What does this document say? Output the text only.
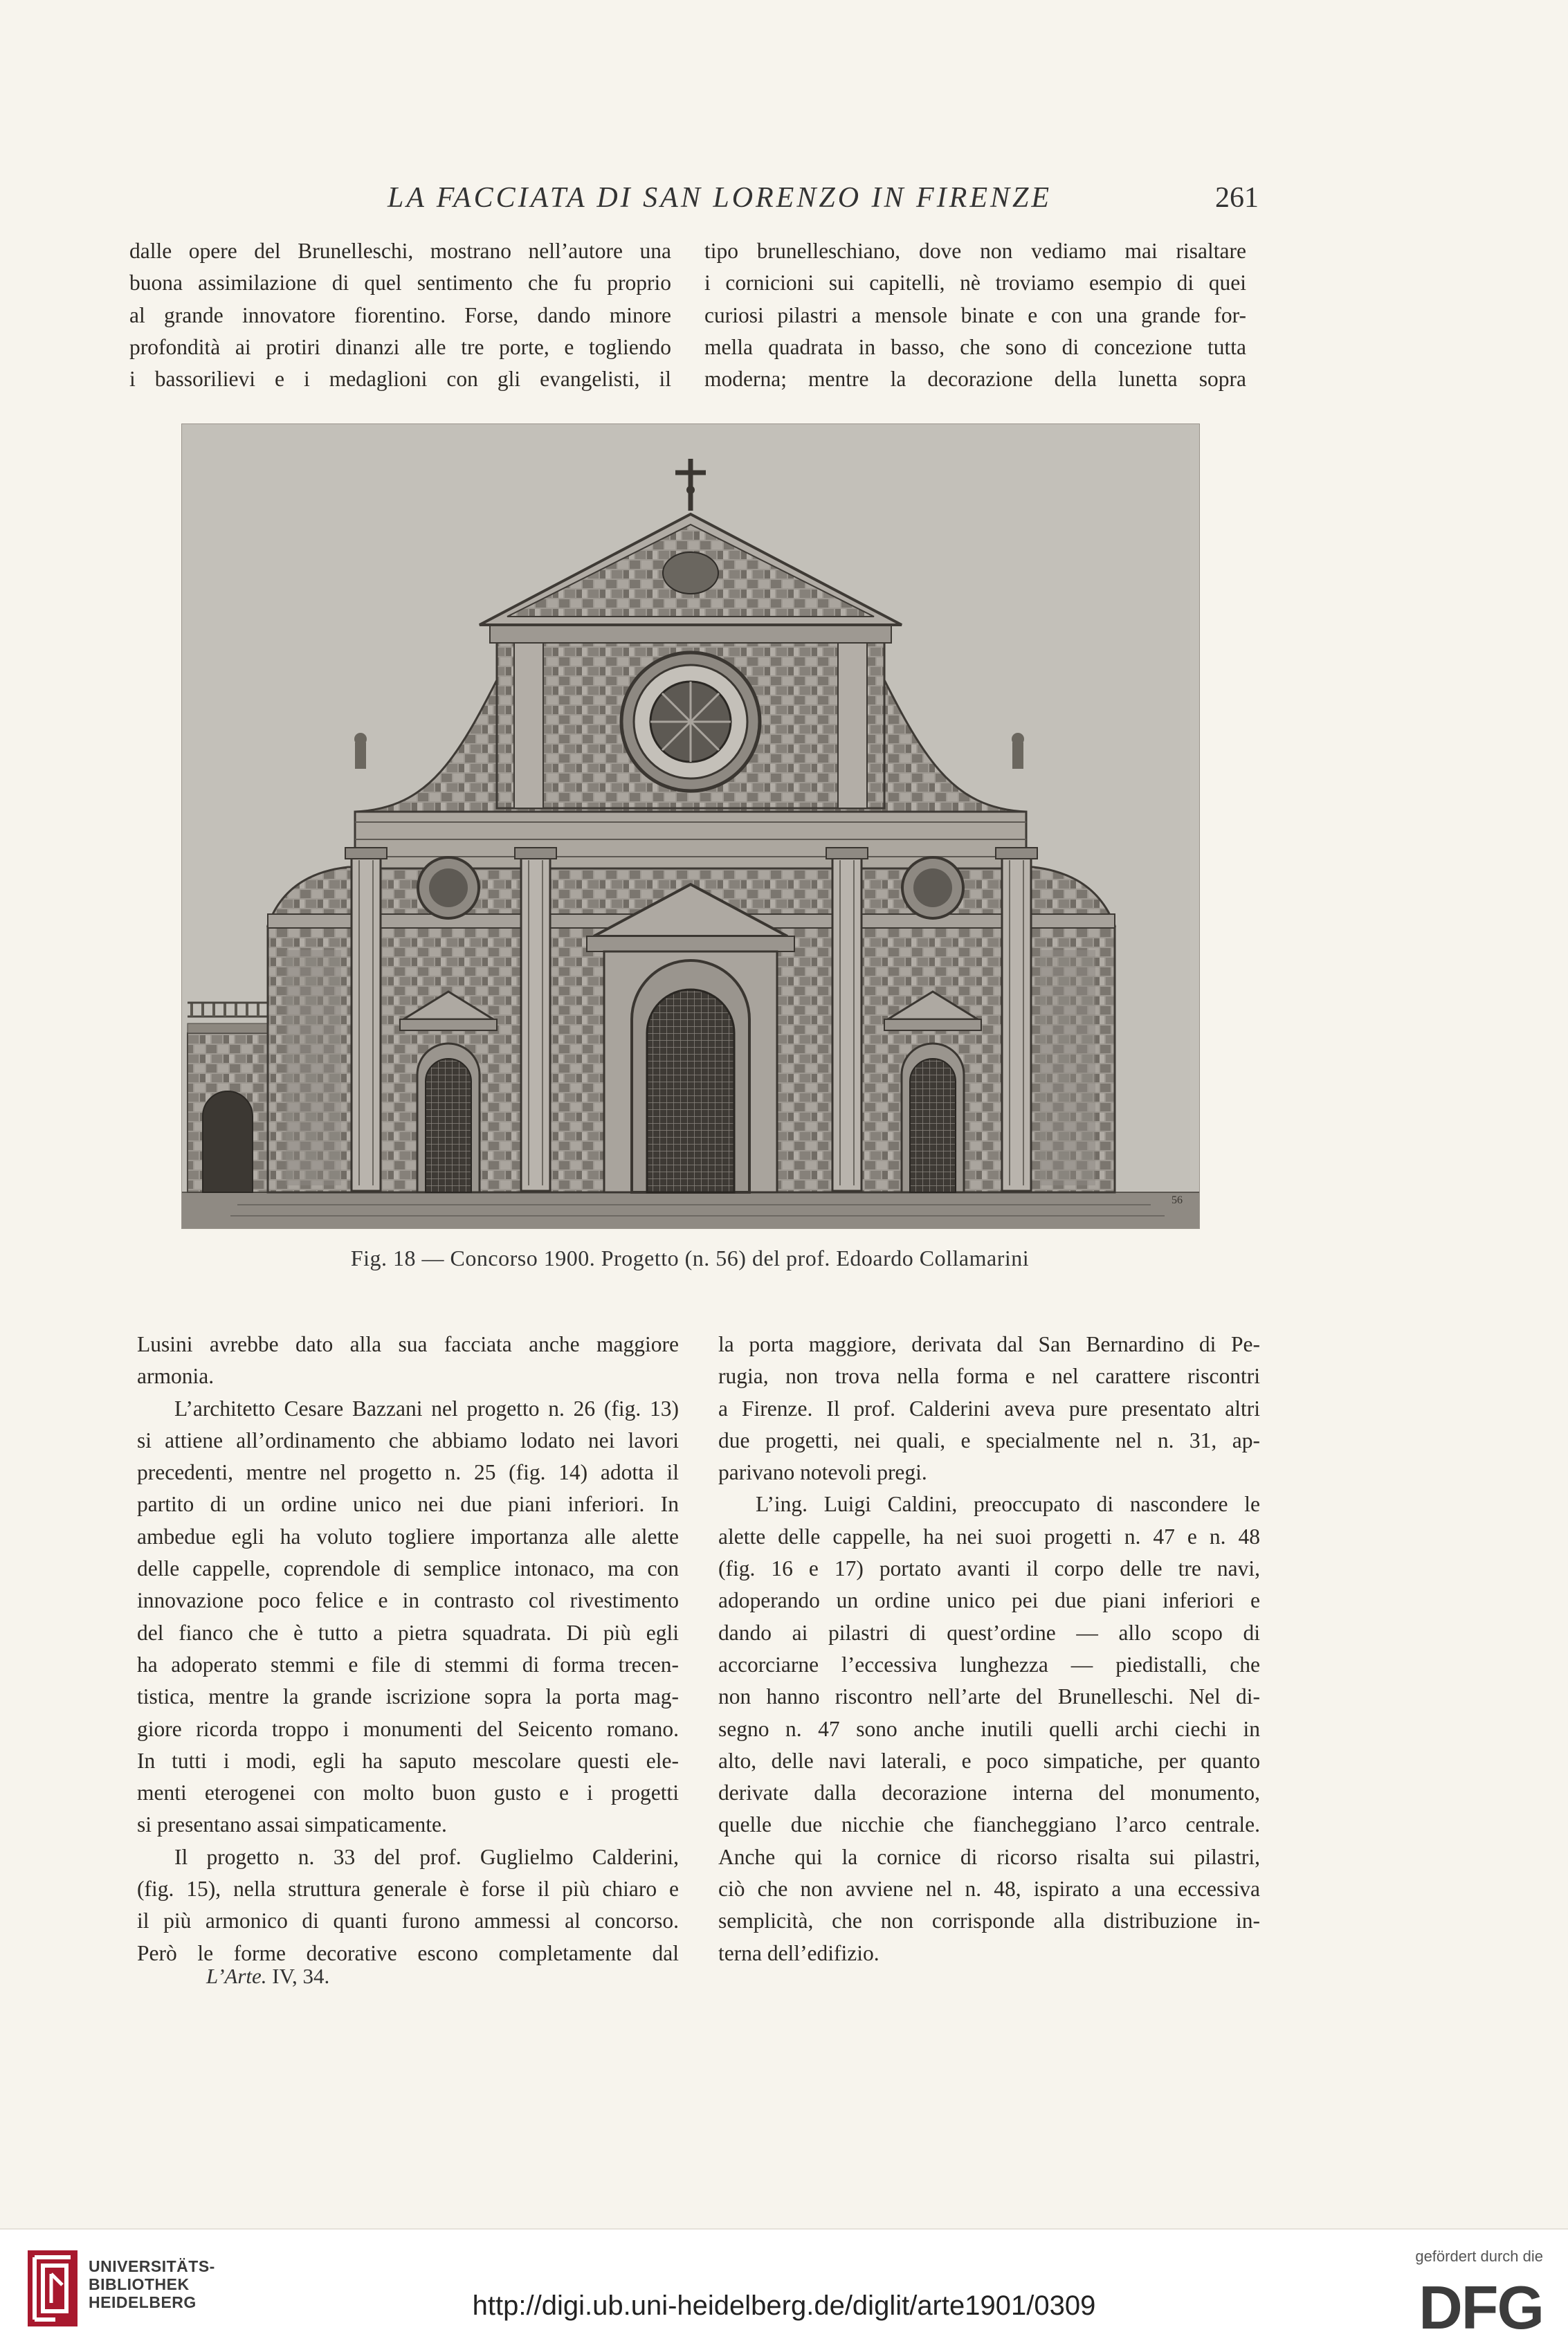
LA FACCIATA DI SAN LORENZO IN FIRENZE	261

dalle opere del Brunelleschi, mostrano nell’autore una
buona assimilazione di quel sentimento che fu proprio
al grande innovatore fiorentino. Forse, dando minore
profondità ai protiri dinanzi alle tre porte, e togliendo
i bassorilievi e i medaglioni con gli evangelisti, il

tipo brunelleschiano, dove non vediamo mai risaltare
i cornicioni sui capitelli, nè troviamo esempio di quei
curiosi pilastri a mensole binate e con una grande for-
mella quadrata in basso, che sono di concezione tutta
moderna; mentre la decorazione della lunetta sopra

56
Fig. 18 — Concorso 1900. Progetto (n. 56) del prof. Edoardo Collamarini

Lusini avrebbe dato alla sua facciata anche maggiore
armonia.

L’architetto Cesare Bazzani nel progetto n. 26 (fig. 13)
si attiene all’ordinamento che abbiamo lodato nei lavori
precedenti, mentre nel progetto n. 25 (fig. 14) adotta il
partito di un ordine unico nei due piani inferiori. In
ambedue egli ha voluto togliere importanza alle alette
delle cappelle, coprendole di semplice intonaco, ma con
innovazione poco felice e in contrasto col rivestimento
del fianco che è tutto a pietra squadrata. Di più egli
ha adoperato stemmi e file di stemmi di forma trecen-
tistica, mentre la grande iscrizione sopra la porta mag-
giore ricorda troppo i monumenti del Seicento romano.
In tutti i modi, egli ha saputo mescolare questi ele-
menti eterogenei con molto buon gusto e i progetti
si presentano assai simpaticamente.

Il progetto n. 33 del prof. Guglielmo Calderini,
(fig. 15), nella struttura generale è forse il più chiaro e
il più armonico di quanti furono ammessi al concorso.
Però le forme decorative escono completamente dal

la porta maggiore, derivata dal San Bernardino di Pe-
rugia, non trova nella forma e nel carattere riscontri
a Firenze. Il prof. Calderini aveva pure presentato altri
due progetti, nei quali, e specialmente nel n. 31, ap-
parivano notevoli pregi.

L’ing. Luigi Caldini, preoccupato di nascondere le
alette delle cappelle, ha nei suoi progetti n. 47 e n. 48
(fig. 16 e 17) portato avanti il corpo delle tre navi,
adoperando un ordine unico pei due piani inferiori e
dando ai pilastri di quest’ordine — allo scopo di
accorciarne l’eccessiva lunghezza — piedistalli, che
non hanno riscontro nell’arte del Brunelleschi. Nel di-
segno n. 47 sono anche inutili quelli archi ciechi in
alto, delle navi laterali, e poco simpatiche, per quanto
derivate dalla decorazione interna del monumento,
quelle due nicchie che fiancheggiano l’arco centrale.
Anche qui la cornice di ricorso risalta sui pilastri,
ciò che non avviene nel n. 48, ispirato a una eccessiva
semplicità, che non corrisponde alla distribuzione in-
terna dell’edifizio.

L’Arte. IV, 34.
UNIVERSITÄTS-
BIBLIOTHEK
HEIDELBERG	http://digi.ub.uni-heidelberg.de/diglit/arte1901/0309
gefördert durch die
DFG
